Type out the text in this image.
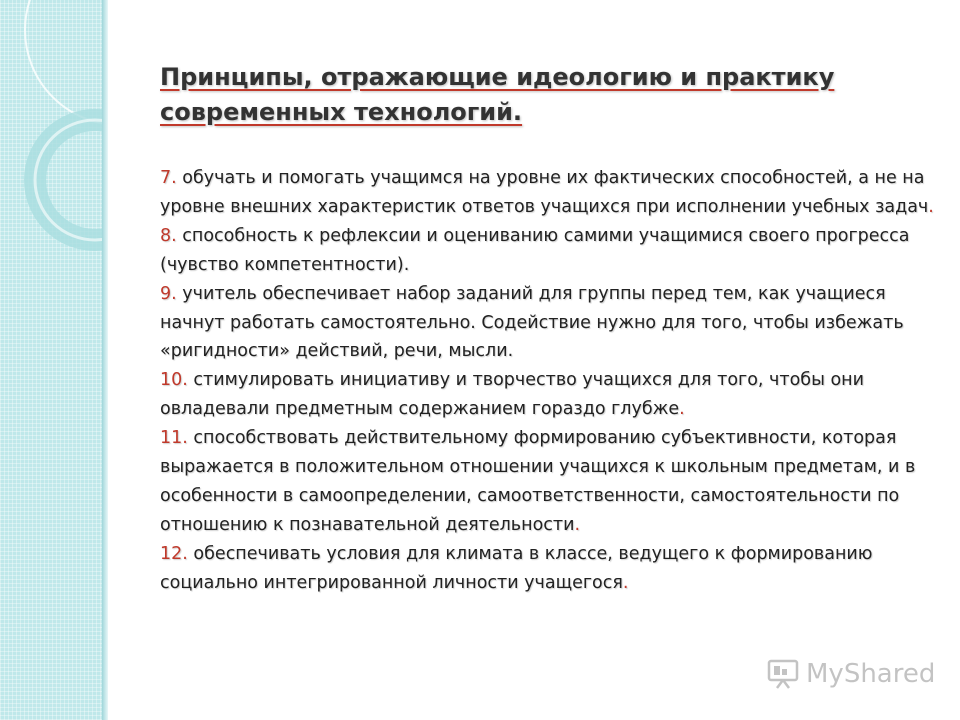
Принципы, отражающие идеологию и практику современных технологий.
7. обучать и помогать учащимся на уровне их фактических способностей, а не на уровне внешних характеристик ответов учащихся при исполнении учебных задач.
8. способность к рефлексии и оцениванию самими учащимися своего прогресса (чувство компетентности).
9. учитель обеспечивает набор заданий для группы перед тем, как учащиеся начнут работать самостоятельно. Содействие нужно для того, чтобы избежать «ригидности» действий, речи, мысли.
10. стимулировать инициативу и творчество учащихся для того, чтобы они овладевали предметным содержанием гораздо глубже.
11. способствовать действительному формированию субъективности, которая выражается в положительном отношении учащихся к школьным предметам, и в особенности в самоопределении, самоответственности, самостоятельности по отношению к познавательной деятельности.
12. обеспечивать условия для климата в классе, ведущего к формированию социально интегрированной личности учащегося.
MyShared
